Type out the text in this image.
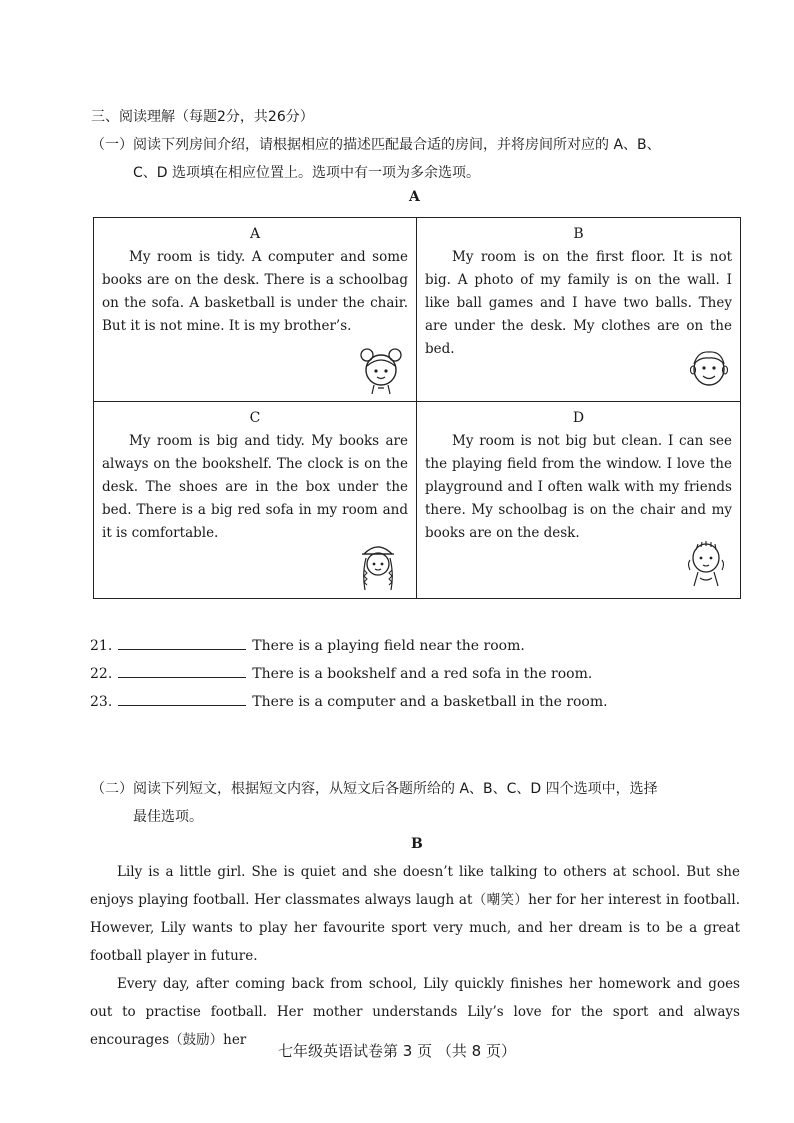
三、阅读理解（每题2分，共26分）
（一）阅读下列房间介绍，请根据相应的描述匹配最合适的房间，并将房间所对应的 A、B、
C、D 选项填在相应位置上。选项中有一项为多余选项。
A
A
My room is tidy. A computer and some books are on the desk. There is a schoolbag on the sofa. A basketball is under the chair. But it is not mine. It is my brother’s.
B
My room is on the first floor. It is not big. A photo of my family is on the wall. I like ball games and I have two balls. They are under the desk. My clothes are on the bed.
C
My room is big and tidy. My books are always on the bookshelf. The clock is on the desk. The shoes are in the box under the bed. There is a big red sofa in my room and it is comfortable.
D
My room is not big but clean. I can see the playing field from the window. I love the playground and I often walk with my friends there. My schoolbag is on the chair and my books are on the desk.
21.	There is a playing field near the room.
22.	There is a bookshelf and a red sofa in the room.
23.	There is a computer and a basketball in the room.
（二）阅读下列短文，根据短文内容，从短文后各题所给的 A、B、C、D 四个选项中，选择
最佳选项。
B

Lily is a little girl. She is quiet and she doesn’t like talking to others at school. But she enjoys playing football. Her classmates always laugh at（嘲笑）her for her interest in football. However, Lily wants to play her favourite sport very much, and her dream is to be a great football player in future.

Every day, after coming back from school, Lily quickly finishes her homework and goes out to practise football. Her mother understands Lily’s love for the sport and always encourages（鼓励）her

七年级英语试卷第 3 页 （共 8 页）
